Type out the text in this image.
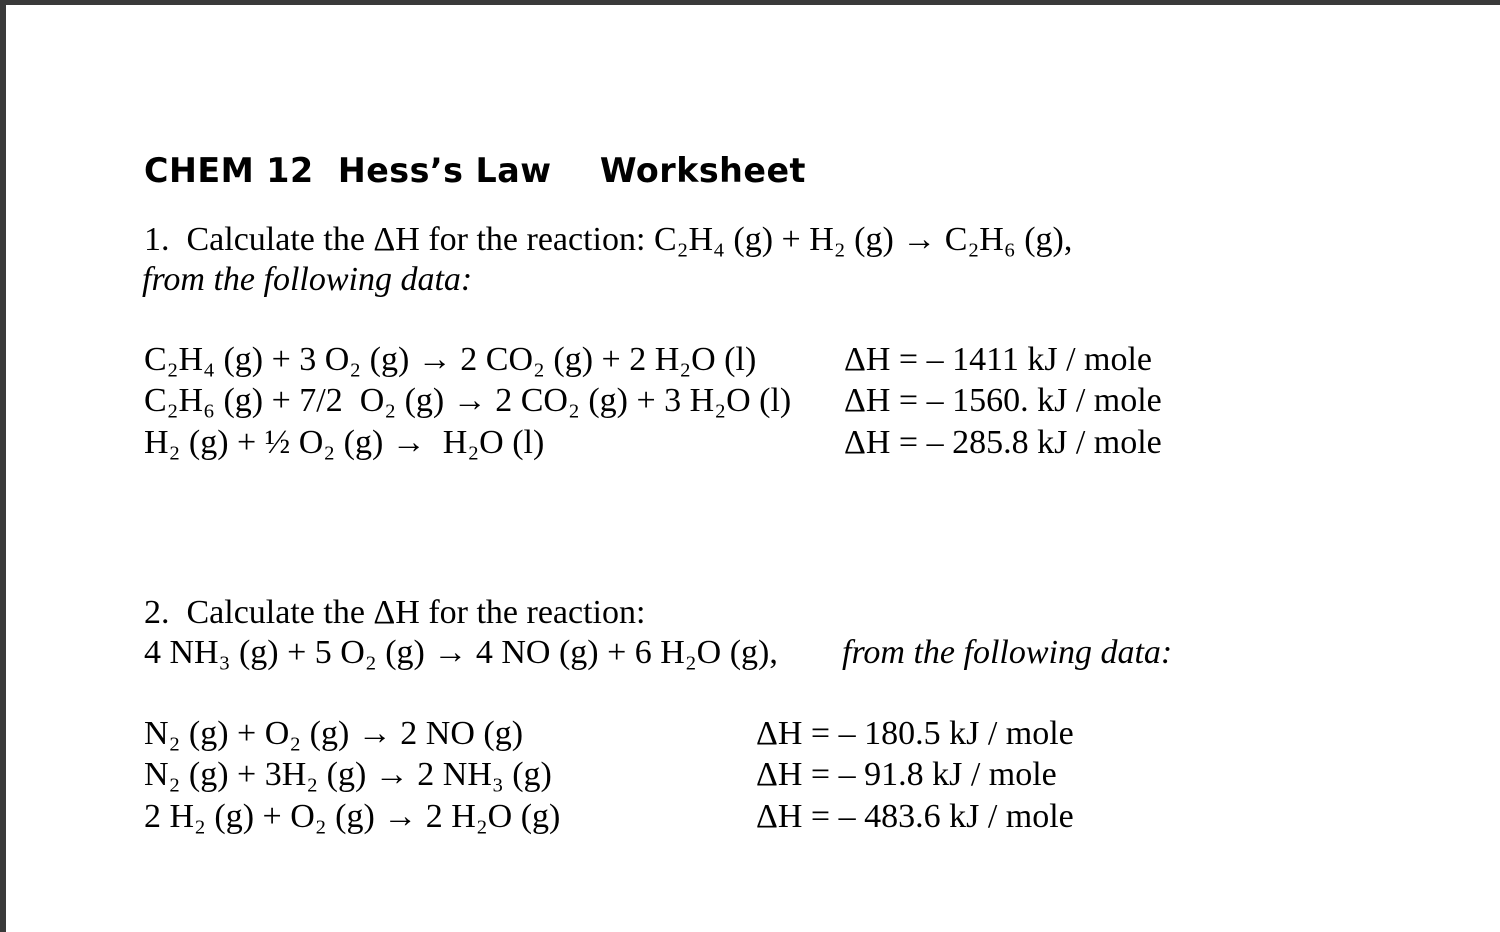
CHEM 12  Hess’s Law    Worksheet
1.  Calculate the ΔH for the reaction: C₂H₄ (g) + H₂ (g) → C₂H₆ (g),
from the following data:
C₂H₄ (g) + 3 O₂ (g) → 2 CO₂ (g) + 2 H₂O (l)	ΔH = – 1411 kJ / mole
C₂H₆ (g) + 7/2  O₂ (g) → 2 CO₂ (g) + 3 H₂O (l) ΔH = – 1560. kJ / mole
H₂ (g) + ½ O₂ (g) →  H₂O (l)	ΔH = – 285.8 kJ / mole
2.  Calculate the ΔH for the reaction:
4 NH₃ (g) + 5 O₂ (g) → 4 NO (g) + 6 H₂O (g), from the following data:
N₂ (g) + O₂ (g) → 2 NO (g)	ΔH = – 180.5 kJ / mole
N₂ (g) + 3H₂ (g) → 2 NH₃ (g)	ΔH = – 91.8 kJ / mole
2 H₂ (g) + O₂ (g) → 2 H₂O (g)	ΔH = – 483.6 kJ / mole
